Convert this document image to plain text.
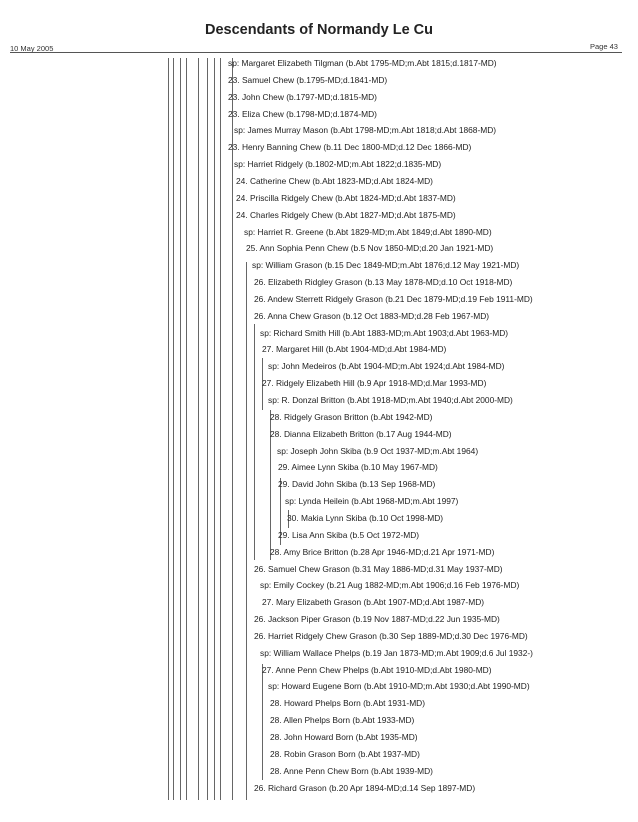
Descendants of Normandy Le Cu
10 May 2005	Page 43
sp: Margaret Elizabeth Tilgman (b.Abt 1795-MD;m.Abt 1815;d.1817-MD)
23. Samuel Chew (b.1795-MD;d.1841-MD)
23. John Chew (b.1797-MD;d.1815-MD)
23. Eliza Chew (b.1798-MD;d.1874-MD)
sp: James Murray Mason (b.Abt 1798-MD;m.Abt 1818;d.Abt 1868-MD)
23. Henry Banning Chew (b.11 Dec 1800-MD;d.12 Dec 1866-MD)
sp: Harriet Ridgely (b.1802-MD;m.Abt 1822;d.1835-MD)
24. Catherine Chew (b.Abt 1823-MD;d.Abt 1824-MD)
24. Priscilla Ridgely Chew (b.Abt 1824-MD;d.Abt 1837-MD)
24. Charles Ridgely Chew (b.Abt 1827-MD;d.Abt 1875-MD)
sp: Harriet R. Greene (b.Abt 1829-MD;m.Abt 1849;d.Abt 1890-MD)
25. Ann Sophia Penn Chew (b.5 Nov 1850-MD;d.20 Jan 1921-MD)
sp: William Grason (b.15 Dec 1849-MD;m.Abt 1876;d.12 May 1921-MD)
26. Elizabeth Ridgley Grason (b.13 May 1878-MD;d.10 Oct 1918-MD)
26. Andew Sterrett Ridgely Grason (b.21 Dec 1879-MD;d.19 Feb 1911-MD)
26. Anna Chew Grason (b.12 Oct 1883-MD;d.28 Feb 1967-MD)
sp: Richard Smith Hill (b.Abt 1883-MD;m.Abt 1903;d.Abt 1963-MD)
27. Margaret Hill (b.Abt 1904-MD;d.Abt 1984-MD)
sp: John Medeiros (b.Abt 1904-MD;m.Abt 1924;d.Abt 1984-MD)
27. Ridgely Elizabeth Hill (b.9 Apr 1918-MD;d.Mar 1993-MD)
sp: R. Donzal Britton (b.Abt 1918-MD;m.Abt 1940;d.Abt 2000-MD)
28. Ridgely Grason Britton (b.Abt 1942-MD)
28. Dianna Elizabeth Britton (b.17 Aug 1944-MD)
sp: Joseph John Skiba (b.9 Oct 1937-MD;m.Abt 1964)
29. Aimee Lynn Skiba (b.10 May 1967-MD)
29. David John Skiba (b.13 Sep 1968-MD)
sp: Lynda Heilein (b.Abt 1968-MD;m.Abt 1997)
30. Makia Lynn Skiba (b.10 Oct 1998-MD)
29. Lisa Ann Skiba (b.5 Oct 1972-MD)
28. Amy Brice Britton (b.28 Apr 1946-MD;d.21 Apr 1971-MD)
26. Samuel Chew Grason (b.31 May 1886-MD;d.31 May 1937-MD)
sp: Emily Cockey (b.21 Aug 1882-MD;m.Abt 1906;d.16 Feb 1976-MD)
27. Mary Elizabeth Grason (b.Abt 1907-MD;d.Abt 1987-MD)
26. Jackson Piper Grason (b.19 Nov 1887-MD;d.22 Jun 1935-MD)
26. Harriet Ridgely Chew Grason (b.30 Sep 1889-MD;d.30 Dec 1976-MD)
sp: William Wallace Phelps (b.19 Jan 1873-MD;m.Abt 1909;d.6 Jul 1932-)
27. Anne Penn Chew Phelps (b.Abt 1910-MD;d.Abt 1980-MD)
sp: Howard Eugene Born (b.Abt 1910-MD;m.Abt 1930;d.Abt 1990-MD)
28. Howard Phelps Born (b.Abt 1931-MD)
28. Allen Phelps Born (b.Abt 1933-MD)
28. John Howard Born (b.Abt 1935-MD)
28. Robin Grason Born (b.Abt 1937-MD)
28. Anne Penn Chew Born (b.Abt 1939-MD)
26. Richard Grason (b.20 Apr 1894-MD;d.14 Sep 1897-MD)
